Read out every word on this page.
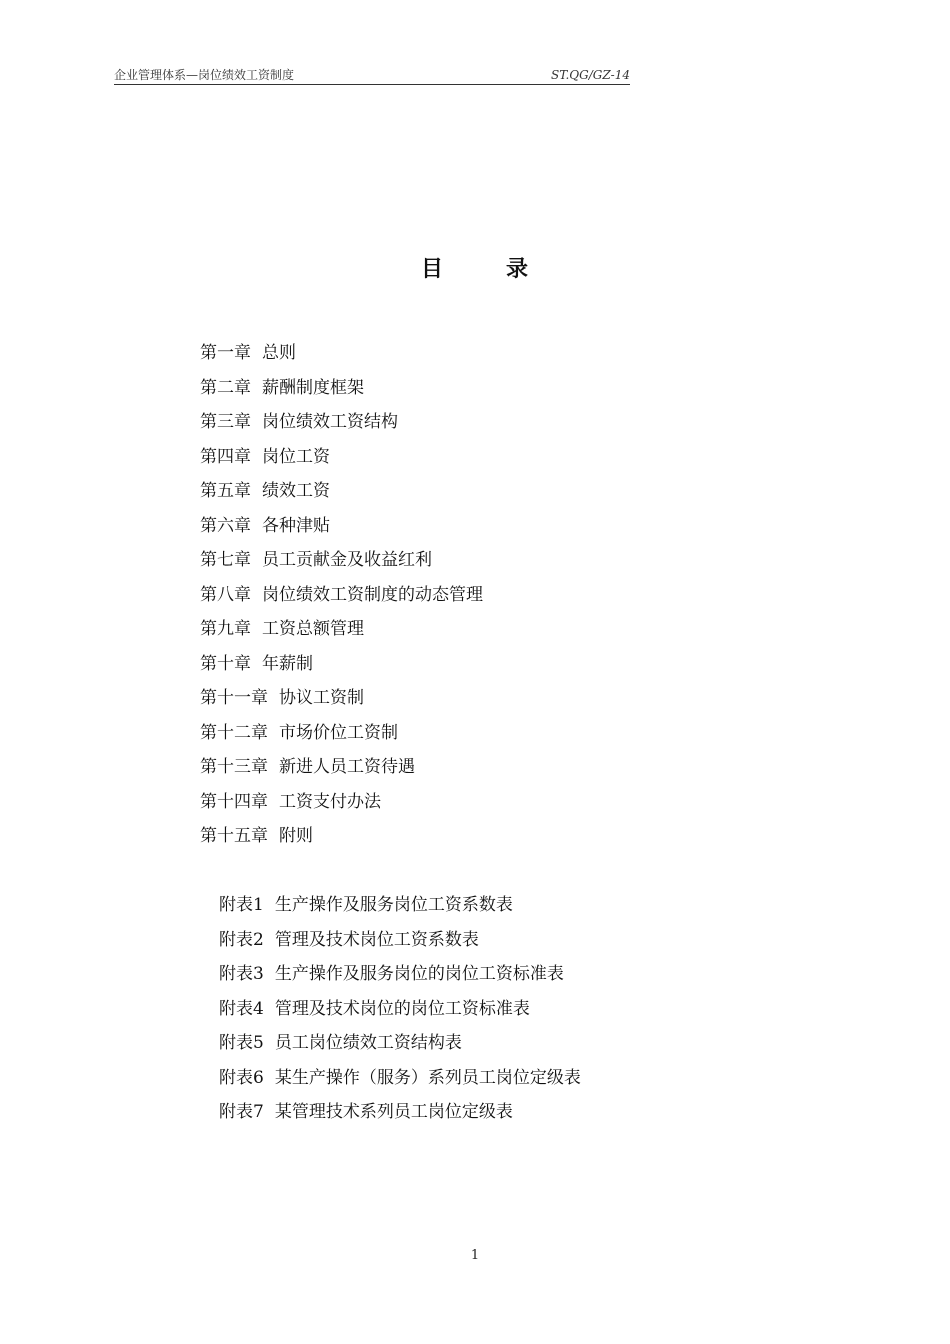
企业管理体系—岗位绩效工资制度	ST.QG/GZ-14
目	录
第一章 总则
第二章 薪酬制度框架
第三章 岗位绩效工资结构
第四章 岗位工资
第五章 绩效工资
第六章 各种津贴
第七章 员工贡献金及收益红利
第八章 岗位绩效工资制度的动态管理
第九章 工资总额管理
第十章 年薪制
第十一章 协议工资制
第十二章 市场价位工资制
第十三章 新进人员工资待遇
第十四章 工资支付办法
第十五章 附则
附表1 生产操作及服务岗位工资系数表
附表2 管理及技术岗位工资系数表
附表3 生产操作及服务岗位的岗位工资标准表
附表4 管理及技术岗位的岗位工资标准表
附表5 员工岗位绩效工资结构表
附表6 某生产操作（服务）系列员工岗位定级表
附表7 某管理技术系列员工岗位定级表
1
